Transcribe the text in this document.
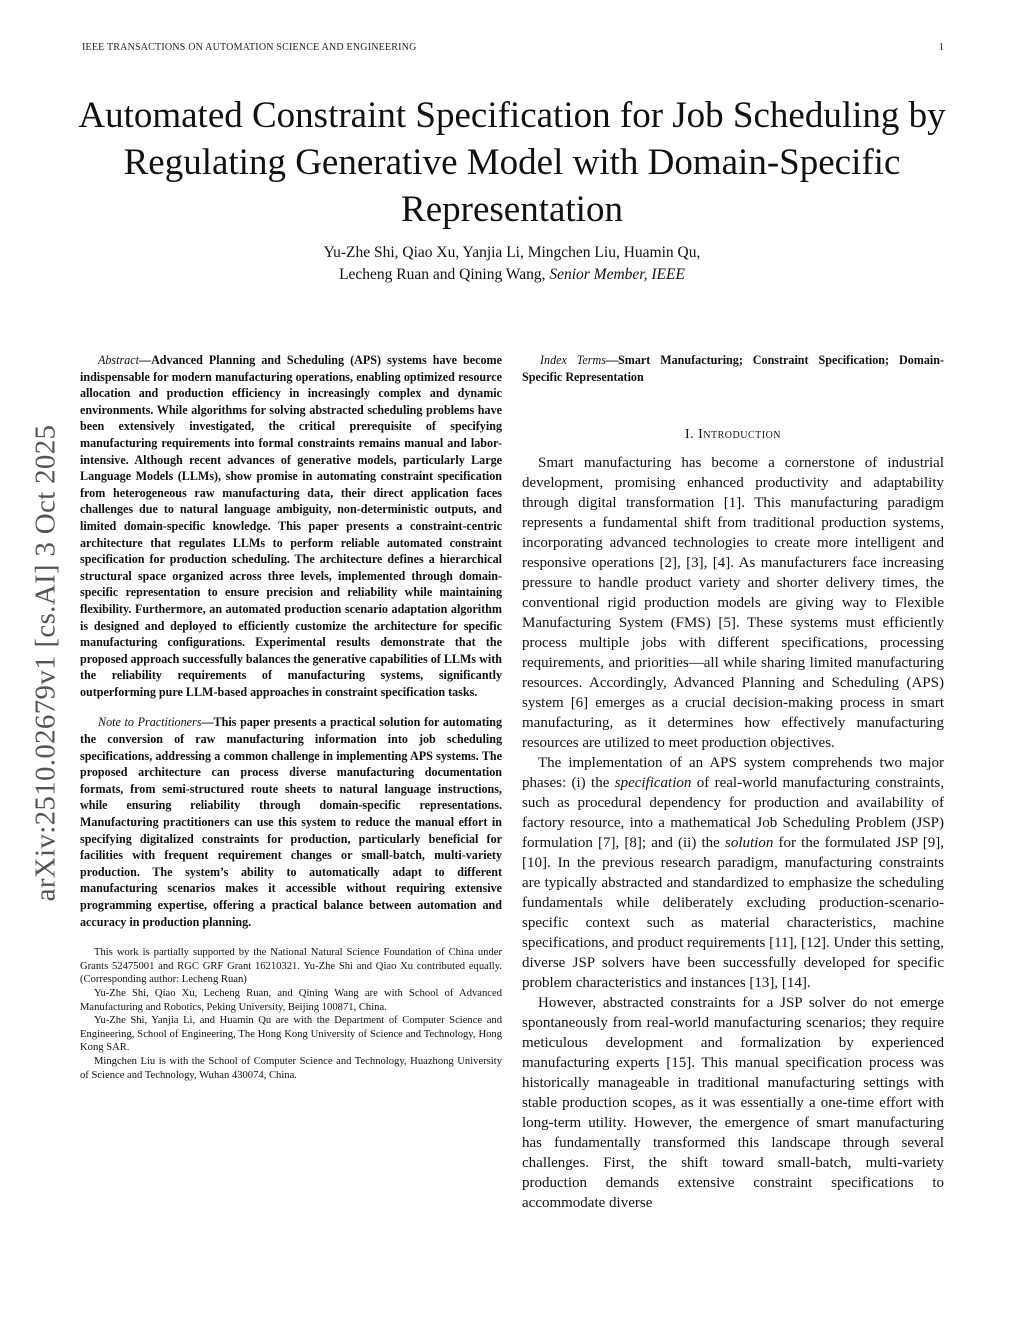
IEEE TRANSACTIONS ON AUTOMATION SCIENCE AND ENGINEERING	1
Automated Constraint Specification for Job Scheduling by Regulating Generative Model with Domain-Specific Representation
Yu-Zhe Shi, Qiao Xu, Yanjia Li, Mingchen Liu, Huamin Qu,
Lecheng Ruan and Qining Wang, Senior Member, IEEE
arXiv:2510.02679v1 [cs.AI] 3 Oct 2025

Abstract—Advanced Planning and Scheduling (APS) systems have become indispensable for modern manufacturing operations, enabling optimized resource allocation and production efficiency in increasingly complex and dynamic environments. While algorithms for solving abstracted scheduling problems have been extensively investigated, the critical prerequisite of specifying manufacturing requirements into formal constraints remains manual and labor-intensive. Although recent advances of generative models, particularly Large Language Models (LLMs), show promise in automating constraint specification from heterogeneous raw manufacturing data, their direct application faces challenges due to natural language ambiguity, non-deterministic outputs, and limited domain-specific knowledge. This paper presents a constraint-centric architecture that regulates LLMs to perform reliable automated constraint specification for production scheduling. The architecture defines a hierarchical structural space organized across three levels, implemented through domain-specific representation to ensure precision and reliability while maintaining flexibility. Furthermore, an automated production scenario adaptation algorithm is designed and deployed to efficiently customize the architecture for specific manufacturing configurations. Experimental results demonstrate that the proposed approach successfully balances the generative capabilities of LLMs with the reliability requirements of manufacturing systems, significantly outperforming pure LLM-based approaches in constraint specification tasks.

Note to Practitioners—This paper presents a practical solution for automating the conversion of raw manufacturing information into job scheduling specifications, addressing a common challenge in implementing APS systems. The proposed architecture can process diverse manufacturing documentation formats, from semi-structured route sheets to natural language instructions, while ensuring reliability through domain-specific representations. Manufacturing practitioners can use this system to reduce the manual effort in specifying digitalized constraints for production, particularly beneficial for facilities with frequent requirement changes or small-batch, multi-variety production. The system’s ability to automatically adapt to different manufacturing scenarios makes it accessible without requiring extensive programming expertise, offering a practical balance between automation and accuracy in production planning.

This work is partially supported by the National Natural Science Foundation of China under Grants 52475001 and RGC GRF Grant 16210321. Yu-Zhe Shi and Qiao Xu contributed equally. (Corresponding author: Lecheng Ruan)

Yu-Zhe Shi, Qiao Xu, Lecheng Ruan, and Qining Wang are with School of Advanced Manufacturing and Robotics, Peking University, Beijing 100871, China.

Yu-Zhe Shi, Yanjia Li, and Huamin Qu are with the Department of Computer Science and Engineering, School of Engineering, The Hong Kong University of Science and Technology, Hong Kong SAR.

Mingchen Liu is with the School of Computer Science and Technology, Huazhong University of Science and Technology, Wuhan 430074, China.

Index Terms—Smart Manufacturing; Constraint Specification; Domain-Specific Representation

I. Introduction

Smart manufacturing has become a cornerstone of industrial development, promising enhanced productivity and adaptability through digital transformation [1]. This manufacturing paradigm represents a fundamental shift from traditional production systems, incorporating advanced technologies to create more intelligent and responsive operations [2], [3], [4]. As manufacturers face increasing pressure to handle product variety and shorter delivery times, the conventional rigid production models are giving way to Flexible Manufacturing System (FMS) [5]. These systems must efficiently process multiple jobs with different specifications, processing requirements, and priorities—all while sharing limited manufacturing resources. Accordingly, Advanced Planning and Scheduling (APS) system [6] emerges as a crucial decision-making process in smart manufacturing, as it determines how effectively manufacturing resources are utilized to meet production objectives.

The implementation of an APS system comprehends two major phases: (i) the specification of real-world manufacturing constraints, such as procedural dependency for production and availability of factory resource, into a mathematical Job Scheduling Problem (JSP) formulation [7], [8]; and (ii) the solution for the formulated JSP [9], [10]. In the previous research paradigm, manufacturing constraints are typically abstracted and standardized to emphasize the scheduling fundamentals while deliberately excluding production-scenario-specific context such as material characteristics, machine specifications, and product requirements [11], [12]. Under this setting, diverse JSP solvers have been successfully developed for specific problem characteristics and instances [13], [14].

However, abstracted constraints for a JSP solver do not emerge spontaneously from real-world manufacturing scenarios; they require meticulous development and formalization by experienced manufacturing experts [15]. This manual specification process was historically manageable in traditional manufacturing settings with stable production scopes, as it was essentially a one-time effort with long-term utility. However, the emergence of smart manufacturing has fundamentally transformed this landscape through several challenges. First, the shift toward small-batch, multi-variety production demands extensive constraint specifications to accommodate diverse
